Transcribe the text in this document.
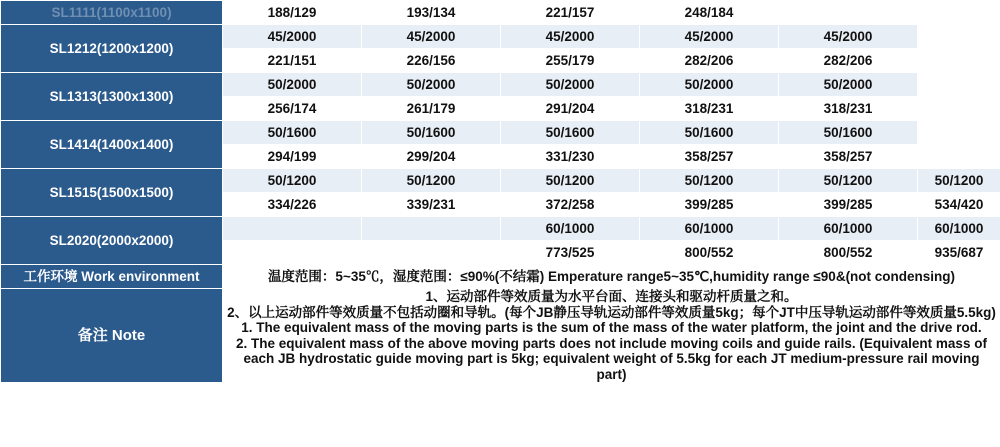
SL1111(1100x1100)	188/129	193/134	221/157	248/184		
SL1212(1200x1200)	45/2000	45/2000	45/2000	45/2000	45/2000	
	221/151	226/156	255/179	282/206	282/206	
SL1313(1300x1300)	50/2000	50/2000	50/2000	50/2000	50/2000	
	256/174	261/179	291/204	318/231	318/231	
SL1414(1400x1400)	50/1600	50/1600	50/1600	50/1600	50/1600	
	294/199	299/204	331/230	358/257	358/257	
SL1515(1500x1500)	50/1200	50/1200	50/1200	50/1200	50/1200	50/1200
	334/226	339/231	372/258	399/285	399/285	534/420
SL2020(2000x2000)			60/1000	60/1000	60/1000	60/1000
			773/525	800/552	800/552	935/687
工作环境 Work environment	温度范围：5~35℃，湿度范围：≤90%(不结霜) Emperature range5~35℃,humidity range ≤90&(not condensing)					
备注 Note	
1、运动部件等效质量为水平台面、连接头和驱动杆质量之和。
2、以上运动部件等效质量不包括动圈和导轨。(每个JB静压导轨运动部件等效质量5kg；每个JT中压导轨运动部件等效质量5.5kg)
1. The equivalent mass of the moving parts is the sum of the mass of the water platform, the joint and the drive rod.
2. The equivalent mass of the above moving parts does not include moving coils and guide rails. (Equivalent mass of
each JB hydrostatic guide moving part is 5kg; equivalent weight of 5.5kg for each JT medium-pressure rail moving
part)
